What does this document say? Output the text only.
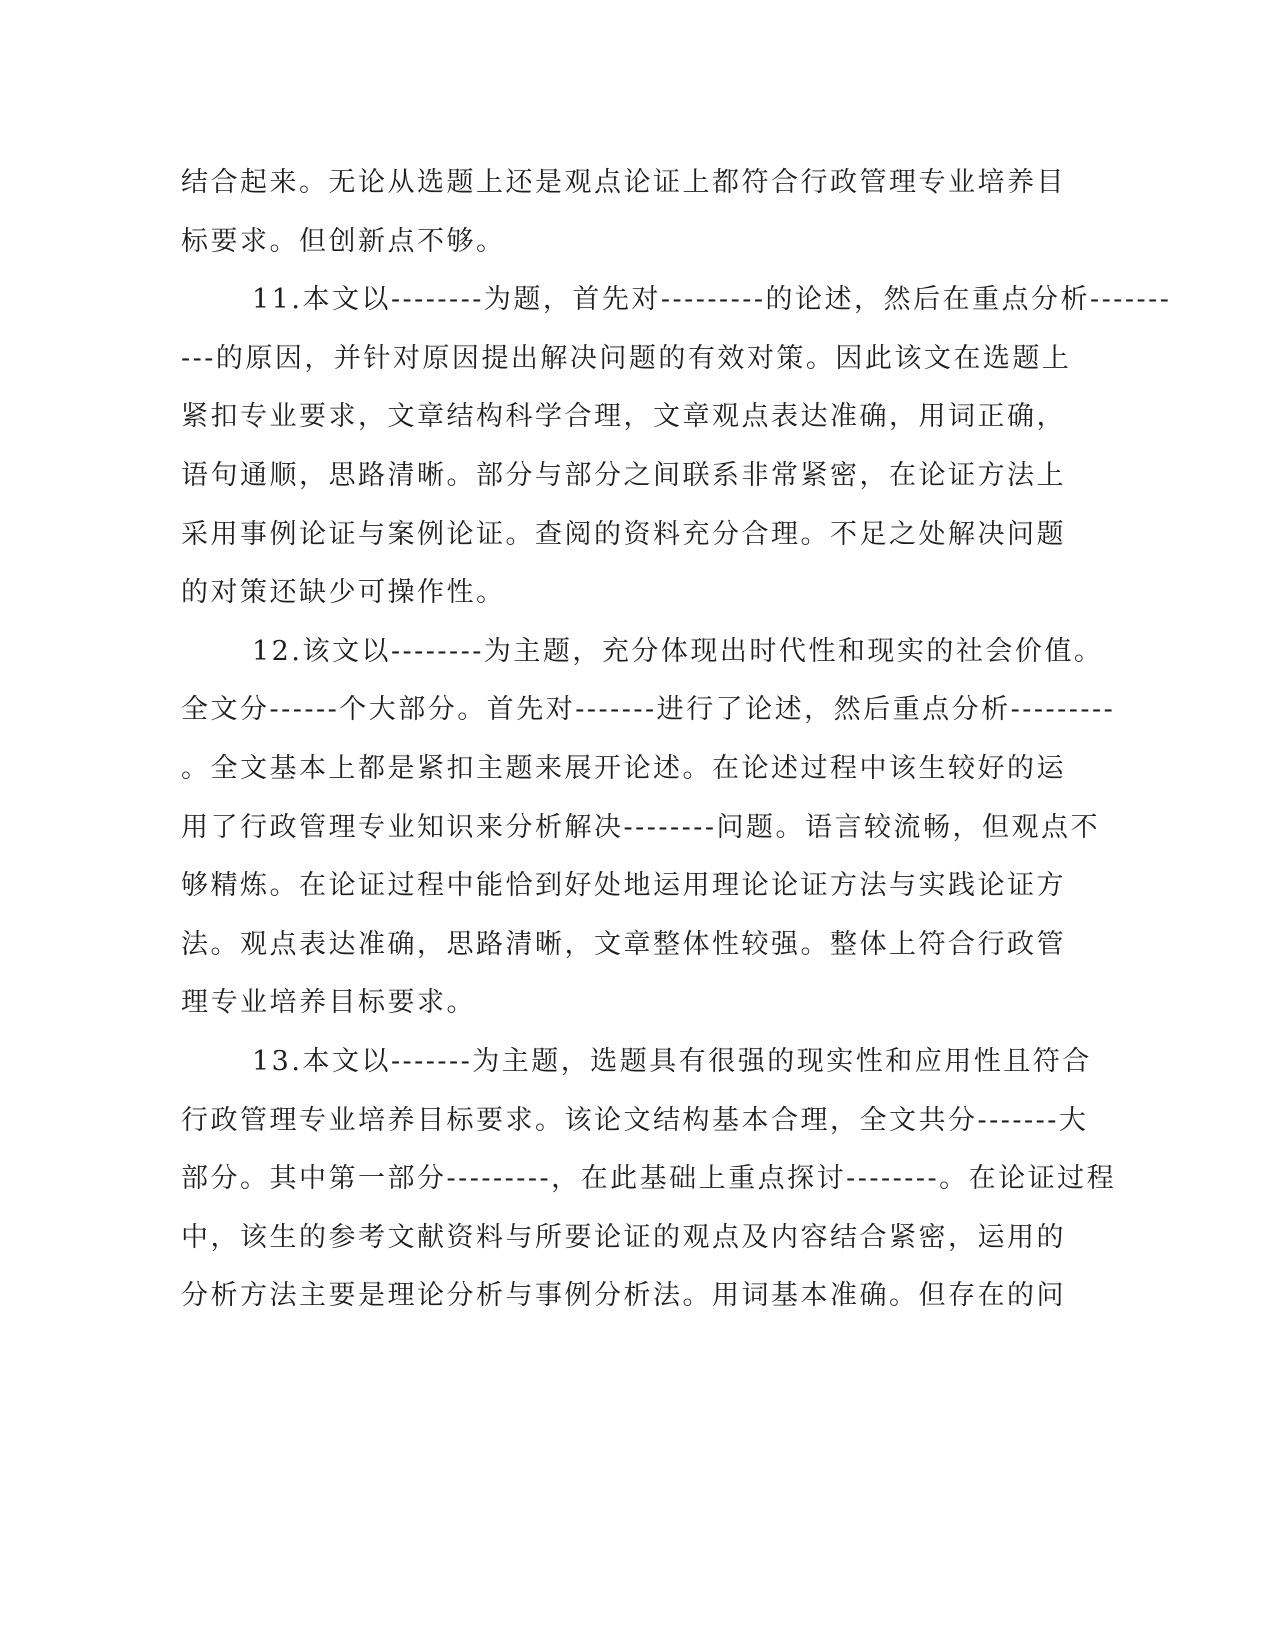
结合起来。无论从选题上还是观点论证上都符合行政管理专业培养目
标要求。但创新点不够。
11.本文以--------为题，首先对---------的论述，然后在重点分析-------
---的原因，并针对原因提出解决问题的有效对策。因此该文在选题上
紧扣专业要求，文章结构科学合理，文章观点表达准确，用词正确，
语句通顺，思路清晰。部分与部分之间联系非常紧密，在论证方法上
采用事例论证与案例论证。查阅的资料充分合理。不足之处解决问题
的对策还缺少可操作性。
12.该文以--------为主题，充分体现出时代性和现实的社会价值。
全文分------个大部分。首先对-------进行了论述，然后重点分析---------
。全文基本上都是紧扣主题来展开论述。在论述过程中该生较好的运
用了行政管理专业知识来分析解决--------问题。语言较流畅，但观点不
够精炼。在论证过程中能恰到好处地运用理论论证方法与实践论证方
法。观点表达准确，思路清晰，文章整体性较强。整体上符合行政管
理专业培养目标要求。
13.本文以-------为主题，选题具有很强的现实性和应用性且符合
行政管理专业培养目标要求。该论文结构基本合理，全文共分-------大
部分。其中第一部分---------，在此基础上重点探讨--------。在论证过程
中，该生的参考文献资料与所要论证的观点及内容结合紧密，运用的
分析方法主要是理论分析与事例分析法。用词基本准确。但存在的问
